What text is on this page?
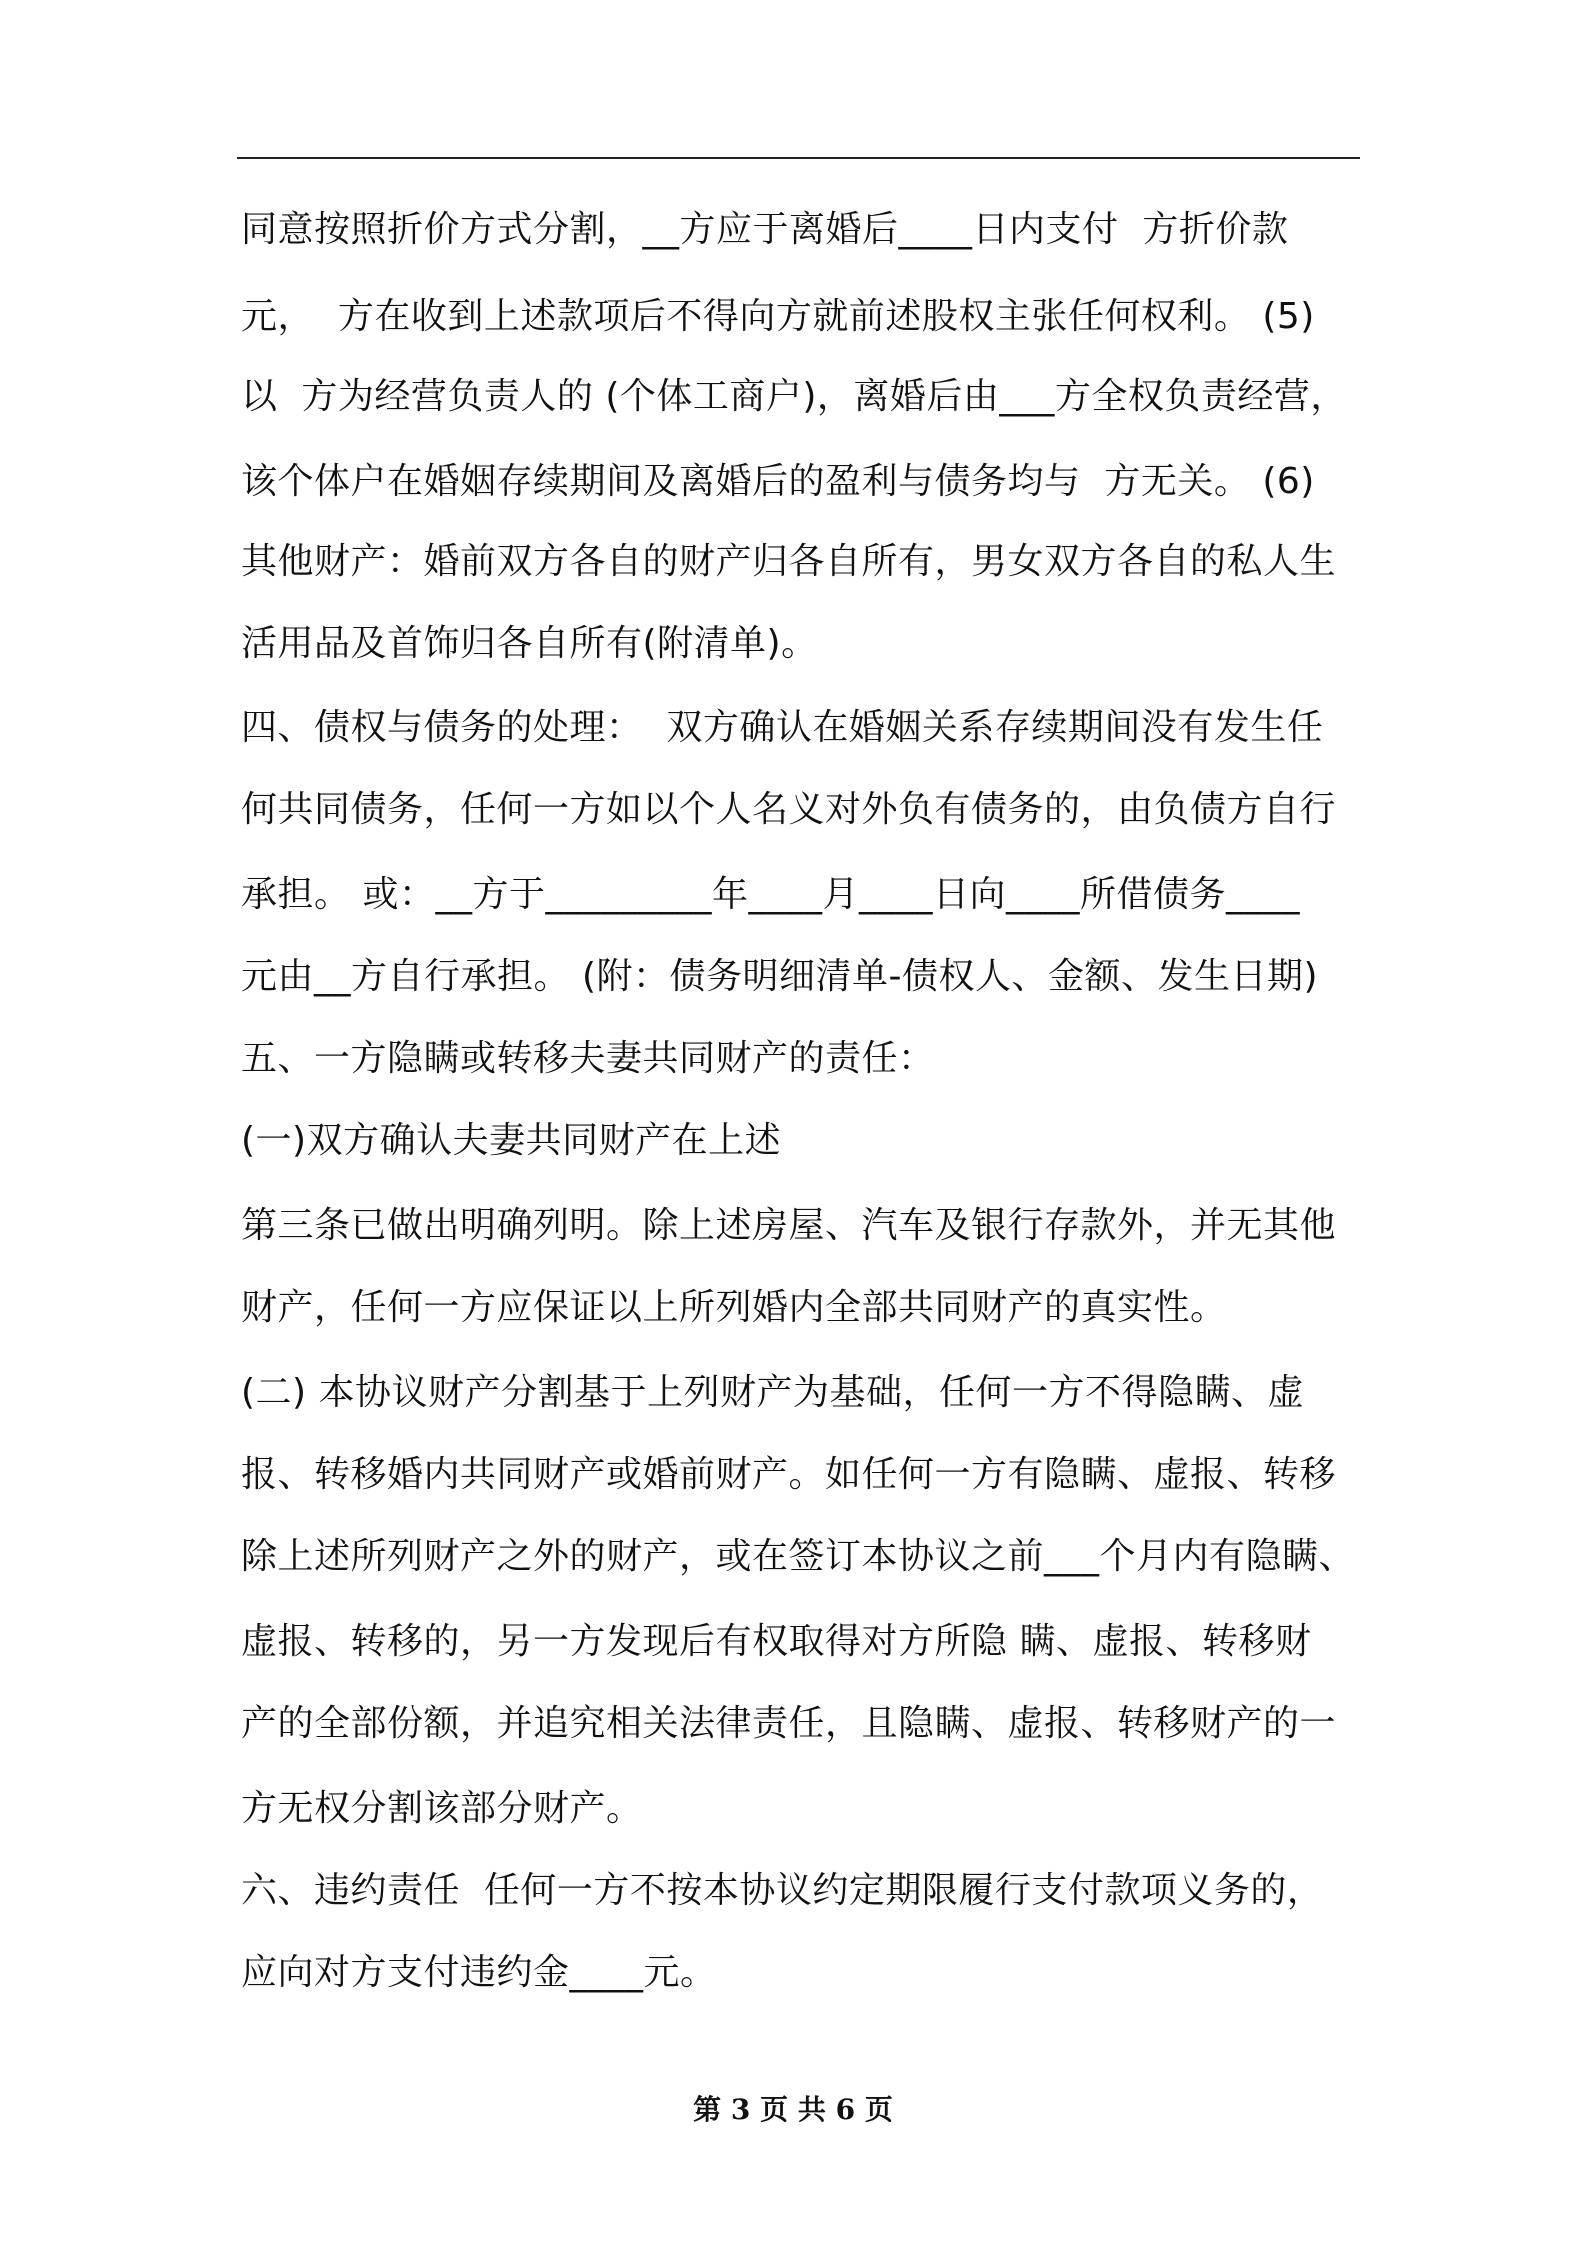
同意按照折价方式分割，__方应于离婚后____日内支付  方折价款
元，  方在收到上述款项后不得向方就前述股权主张任何权利。 (5)
以  方为经营负责人的 (个体工商户)，离婚后由___方全权负责经营，
该个体户在婚姻存续期间及离婚后的盈利与债务均与  方无关。 (6)
其他财产：婚前双方各自的财产归各自所有，男女双方各自的私人生
活用品及首饰归各自所有(附清单)。
四、债权与债务的处理：  双方确认在婚姻关系存续期间没有发生任
何共同债务，任何一方如以个人名义对外负有债务的，由负债方自行
承担。 或：__方于_________年____月____日向____所借债务____
元由__方自行承担。 (附：债务明细清单-债权人、金额、发生日期)
五、一方隐瞒或转移夫妻共同财产的责任：
(一)双方确认夫妻共同财产在上述
第三条已做出明确列明。除上述房屋、汽车及银行存款外，并无其他
财产，任何一方应保证以上所列婚内全部共同财产的真实性。
(二) 本协议财产分割基于上列财产为基础，任何一方不得隐瞒、虚
报、转移婚内共同财产或婚前财产。如任何一方有隐瞒、虚报、转移
除上述所列财产之外的财产，或在签订本协议之前___个月内有隐瞒、
虚报、转移的，另一方发现后有权取得对方所隐 瞒、虚报、转移财
产的全部份额，并追究相关法律责任，且隐瞒、虚报、转移财产的一
方无权分割该部分财产。
六、违约责任  任何一方不按本协议约定期限履行支付款项义务的，
应向对方支付违约金____元。
第 3 页 共 6 页
